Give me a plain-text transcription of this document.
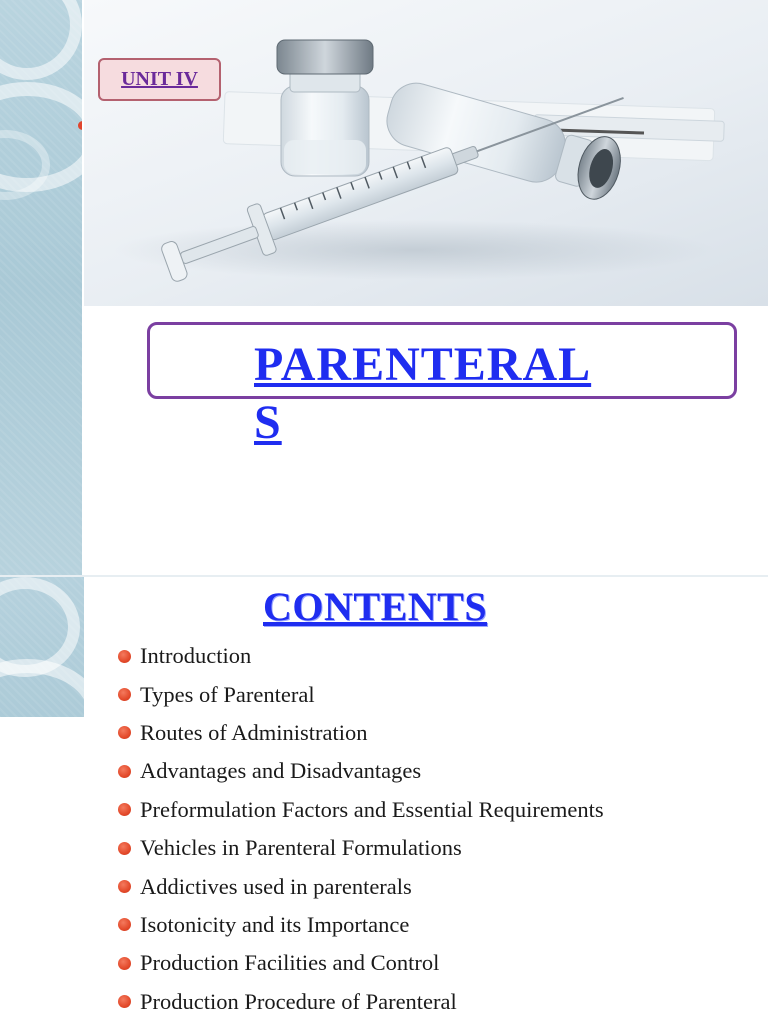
UNIT IV
PARENTERALS
CONTENTS
Introduction
Types of Parenteral
Routes of Administration
Advantages and Disadvantages
Preformulation Factors and Essential Requirements
Vehicles in Parenteral Formulations
Addictives used in parenterals
Isotonicity and its Importance
Production Facilities and Control
Production Procedure of Parenteral
